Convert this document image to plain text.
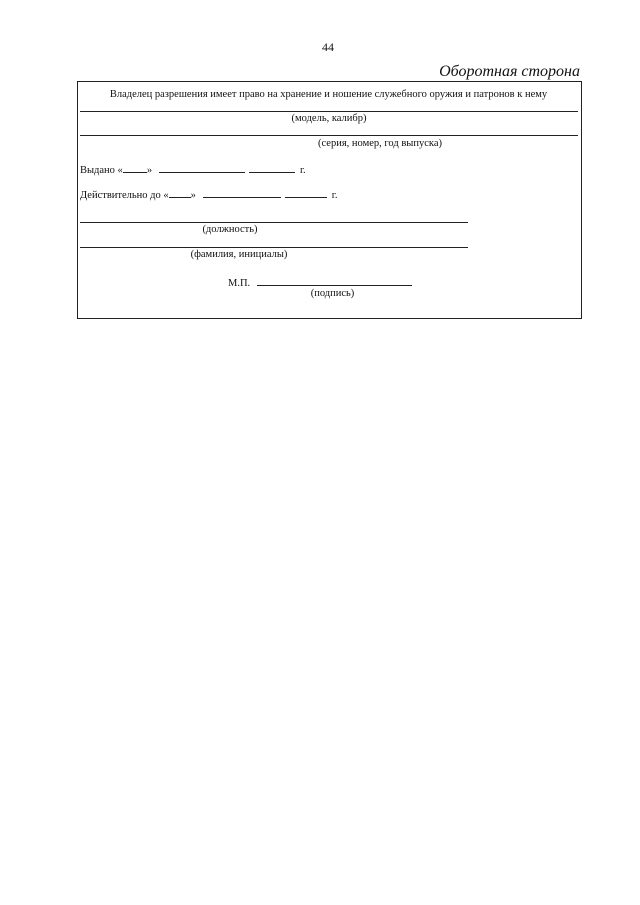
44
Оборотная сторона
Владелец разрешения имеет право на хранение и ношение служебного оружия и патронов к нему
(модель, калибр)
(серия, номер, год выпуска)
Выдано « »	г.
Действительно до « »	г.
(должность)
(фамилия, инициалы)
М.П.
(подпись)
